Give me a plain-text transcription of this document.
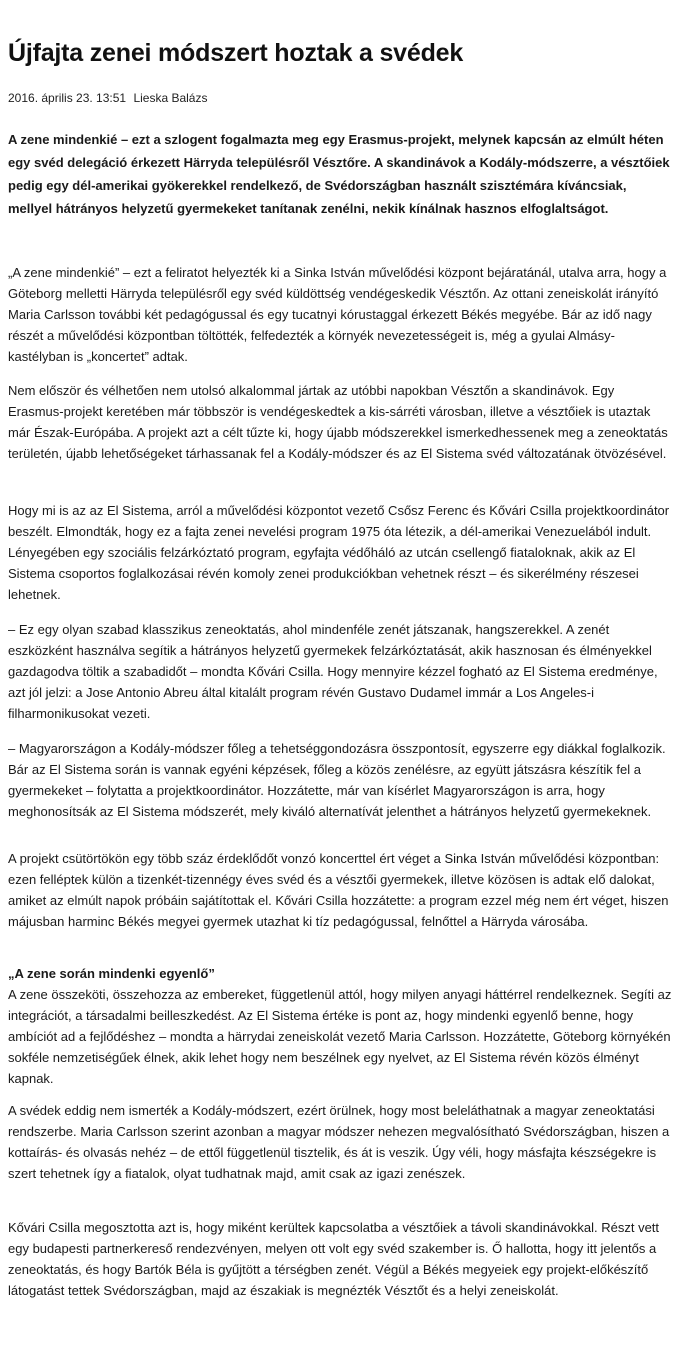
Újfajta zenei módszert hoztak a svédek
2016. április 23. 13:51 Lieska Balázs
A zene mindenkié – ezt a szlogent fogalmazta meg egy Erasmus-projekt, melynek kapcsán az elmúlt héten egy svéd delegáció érkezett Härryda településről Vésztőre. A skandinávok a Kodály-módszerre, a vésztőiek pedig egy dél-amerikai gyökerekkel rendelkező, de Svédországban használt szisztémára kíváncsiak, mellyel hátrányos helyzetű gyermekeket tanítanak zenélni, nekik kínálnak hasznos elfoglaltságot.
„A zene mindenkié” – ezt a feliratot helyezték ki a Sinka István művelődési központ bejáratánál, utalva arra, hogy a Göteborg melletti Härryda településről egy svéd küldöttség vendégeskedik Vésztőn. Az ottani zeneiskolát irányító Maria Carlsson további két pedagógussal és egy tucatnyi kórustaggal érkezett Békés megyébe. Bár az idő nagy részét a művelődési központban töltötték, felfedezték a környék nevezetességeit is, még a gyulai Almásy-kastélyban is „koncertet” adtak.
Nem először és vélhetően nem utolsó alkalommal jártak az utóbbi napokban Vésztőn a skandinávok. Egy Erasmus-projekt keretében már többször is vendégeskedtek a kis-sárréti városban, illetve a vésztőiek is utaztak már Észak-Európába. A projekt azt a célt tűzte ki, hogy újabb módszerekkel ismerkedhessenek meg a zeneoktatás területén, újabb lehetőségeket tárhassanak fel a Kodály-módszer és az El Sistema svéd változatának ötvözésével.
Hogy mi is az az El Sistema, arról a művelődési központot vezető Csősz Ferenc és Kővári Csilla projektkoordinátor beszélt. Elmondták, hogy ez a fajta zenei nevelési program 1975 óta létezik, a dél-amerikai Venezuelából indult. Lényegében egy szociális felzárkóztató program, egyfajta védőháló az utcán csellengő fiataloknak, akik az El Sistema csoportos foglalkozásai révén komoly zenei produkciókban vehetnek részt – és sikerélmény részesei lehetnek.
– Ez egy olyan szabad klasszikus zeneoktatás, ahol mindenféle zenét játszanak, hangszerekkel. A zenét eszközként használva segítik a hátrányos helyzetű gyermekek felzárkóztatását, akik hasznosan és élményekkel gazdagodva töltik a szabadidőt – mondta Kővári Csilla. Hogy mennyire kézzel fogható az El Sistema eredménye, azt jól jelzi: a Jose Antonio Abreu által kitalált program révén Gustavo Dudamel immár a Los Angeles-i filharmonikusokat vezeti.
– Magyarországon a Kodály-módszer főleg a tehetséggondozásra összpontosít, egyszerre egy diákkal foglalkozik. Bár az El Sistema során is vannak egyéni képzések, főleg a közös zenélésre, az együtt játszásra készítik fel a gyermekeket – folytatta a projektkoordinátor. Hozzátette, már van kísérlet Magyarországon is arra, hogy meghonosítsák az El Sistema módszerét, mely kiváló alternatívát jelenthet a hátrányos helyzetű gyermekeknek.
A projekt csütörtökön egy több száz érdeklődőt vonzó koncerttel ért véget a Sinka István művelődési központban: ezen felléptek külön a tizenkét-tizennégy éves svéd és a vésztői gyermekek, illetve közösen is adtak elő dalokat, amiket az elmúlt napok próbáin sajátítottak el. Kővári Csilla hozzátette: a program ezzel még nem ért véget, hiszen májusban harminc Békés megyei gyermek utazhat ki tíz pedagógussal, felnőttel a Härryda városába.
„A zene során mindenki egyenlő”
A zene összeköti, összehozza az embereket, függetlenül attól, hogy milyen anyagi háttérrel rendelkeznek. Segíti az integrációt, a társadalmi beilleszkedést. Az El Sistema értéke is pont az, hogy mindenki egyenlő benne, hogy ambíciót ad a fejlődéshez – mondta a härrydai zeneiskolát vezető Maria Carlsson. Hozzátette, Göteborg környékén sokféle nemzetiségűek élnek, akik lehet hogy nem beszélnek egy nyelvet, az El Sistema révén közös élményt kapnak.
A svédek eddig nem ismerték a Kodály-módszert, ezért örülnek, hogy most beleláthatnak a magyar zeneoktatási rendszerbe. Maria Carlsson szerint azonban a magyar módszer nehezen megvalósítható Svédországban, hiszen a kottaírás- és olvasás nehéz – de ettől függetlenül tisztelik, és át is veszik. Úgy véli, hogy másfajta készségekre is szert tehetnek így a fiatalok, olyat tudhatnak majd, amit csak az igazi zenészek.
Kővári Csilla megosztotta azt is, hogy miként kerültek kapcsolatba a vésztőiek a távoli skandinávokkal. Részt vett egy budapesti partnerkereső rendezvényen, melyen ott volt egy svéd szakember is. Ő hallotta, hogy itt jelentős a zeneoktatás, és hogy Bartók Béla is gyűjtött a térségben zenét. Végül a Békés megyeiek egy projekt-előkészítő látogatást tettek Svédországban, majd az északiak is megnézték Vésztőt és a helyi zeneiskolát.
